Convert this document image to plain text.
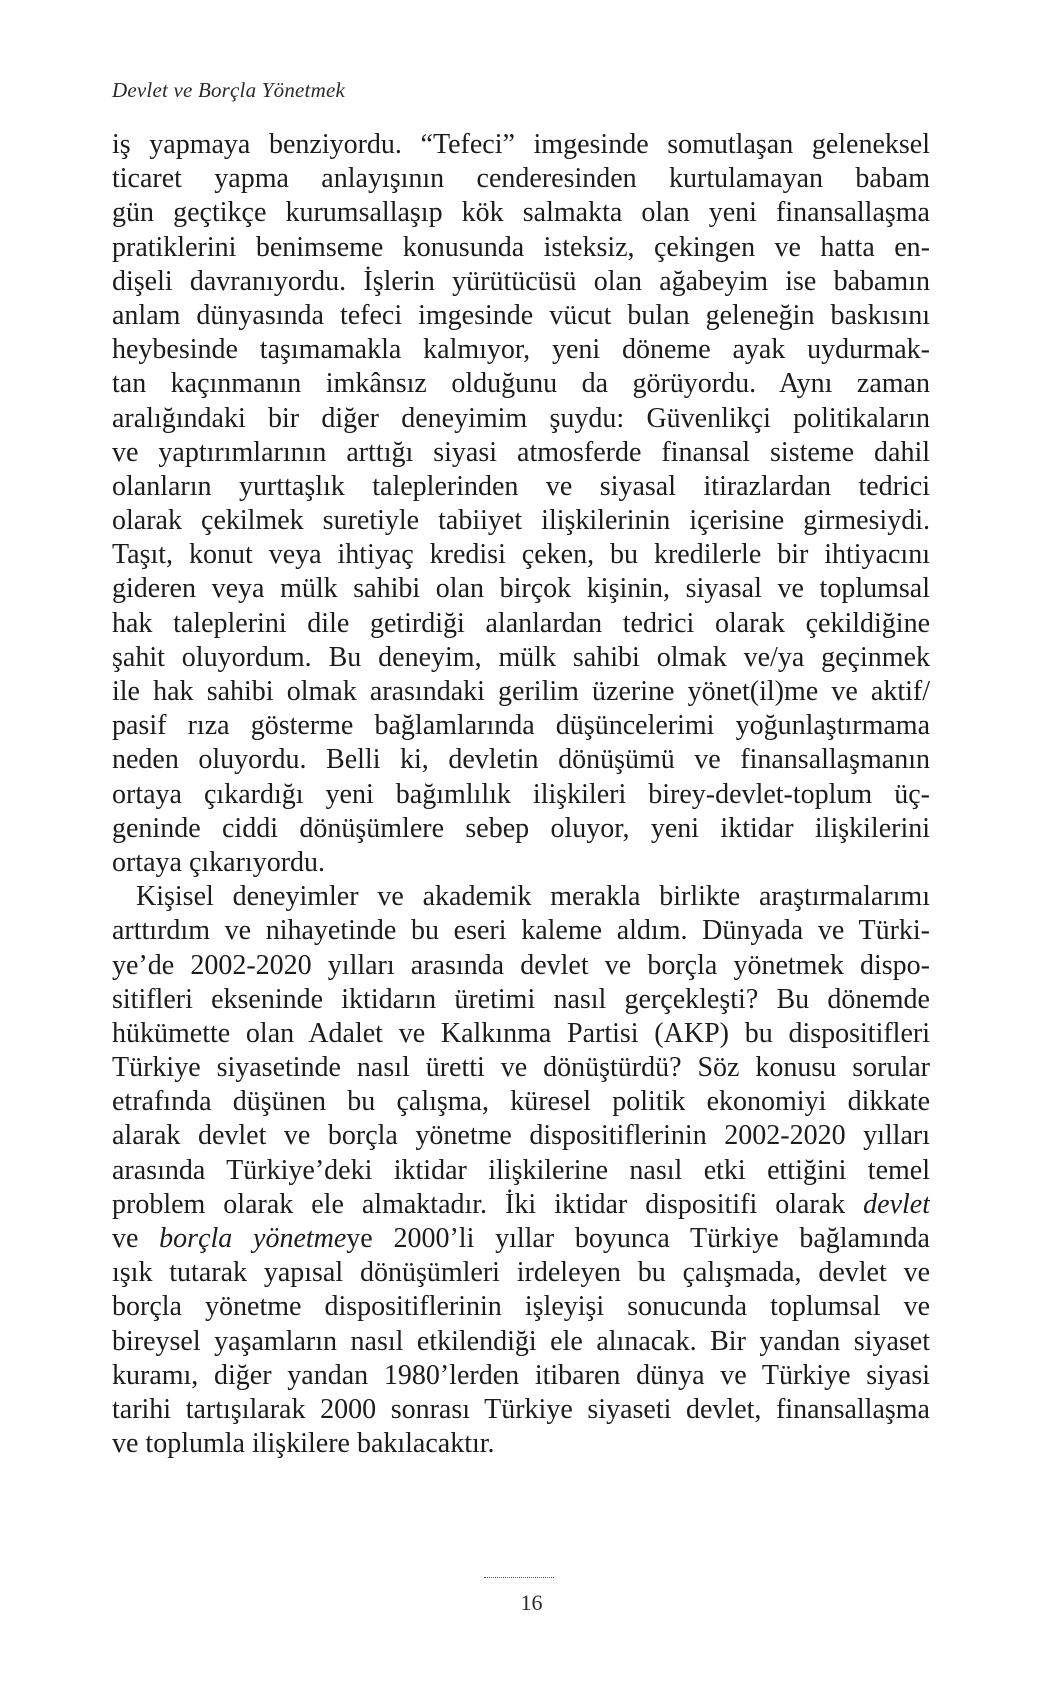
Devlet ve Borçla Yönetmek
iş yapmaya benziyordu. “Tefeci” imgesinde somutlaşan geleneksel
ticaret yapma anlayışının cenderesinden kurtulamayan babam
gün geçtikçe kurumsallaşıp kök salmakta olan yeni finansallaşma
pratiklerini benimseme konusunda isteksiz, çekingen ve hatta en-
dişeli davranıyordu. İşlerin yürütücüsü olan ağabeyim ise babamın
anlam dünyasında tefeci imgesinde vücut bulan geleneğin baskısını
heybesinde taşımamakla kalmıyor, yeni döneme ayak uydurmak-
tan kaçınmanın imkânsız olduğunu da görüyordu. Aynı zaman
aralığındaki bir diğer deneyimim şuydu: Güvenlikçi politikaların
ve yaptırımlarının arttığı siyasi atmosferde finansal sisteme dahil
olanların yurttaşlık taleplerinden ve siyasal itirazlardan tedrici
olarak çekilmek suretiyle tabiiyet ilişkilerinin içerisine girmesiydi.
Taşıt, konut veya ihtiyaç kredisi çeken, bu kredilerle bir ihtiyacını
gideren veya mülk sahibi olan birçok kişinin, siyasal ve toplumsal
hak taleplerini dile getirdiği alanlardan tedrici olarak çekildiğine
şahit oluyordum. Bu deneyim, mülk sahibi olmak ve/ya geçinmek
ile hak sahibi olmak arasındaki gerilim üzerine yönet(il)me ve aktif/
pasif rıza gösterme bağlamlarında düşüncelerimi yoğunlaştırmama
neden oluyordu. Belli ki, devletin dönüşümü ve finansallaşmanın
ortaya çıkardığı yeni bağımlılık ilişkileri birey-devlet-toplum üç-
geninde ciddi dönüşümlere sebep oluyor, yeni iktidar ilişkilerini
ortaya çıkarıyordu.
Kişisel deneyimler ve akademik merakla birlikte araştırmalarımı
arttırdım ve nihayetinde bu eseri kaleme aldım. Dünyada ve Türki-
ye’de 2002-2020 yılları arasında devlet ve borçla yönetmek dispo-
sitifleri ekseninde iktidarın üretimi nasıl gerçekleşti? Bu dönemde
hükümette olan Adalet ve Kalkınma Partisi (AKP) bu dispositifleri
Türkiye siyasetinde nasıl üretti ve dönüştürdü? Söz konusu sorular
etrafında düşünen bu çalışma, küresel politik ekonomiyi dikkate
alarak devlet ve borçla yönetme dispositiflerinin 2002-2020 yılları
arasında Türkiye’deki iktidar ilişkilerine nasıl etki ettiğini temel
problem olarak ele almaktadır. İki iktidar dispositifi olarak devlet
ve borçla yönetmeye 2000’li yıllar boyunca Türkiye bağlamında
ışık tutarak yapısal dönüşümleri irdeleyen bu çalışmada, devlet ve
borçla yönetme dispositiflerinin işleyişi sonucunda toplumsal ve
bireysel yaşamların nasıl etkilendiği ele alınacak. Bir yandan siyaset
kuramı, diğer yandan 1980’lerden itibaren dünya ve Türkiye siyasi
tarihi tartışılarak 2000 sonrası Türkiye siyaseti devlet, finansallaşma
ve toplumla ilişkilere bakılacaktır.
16
